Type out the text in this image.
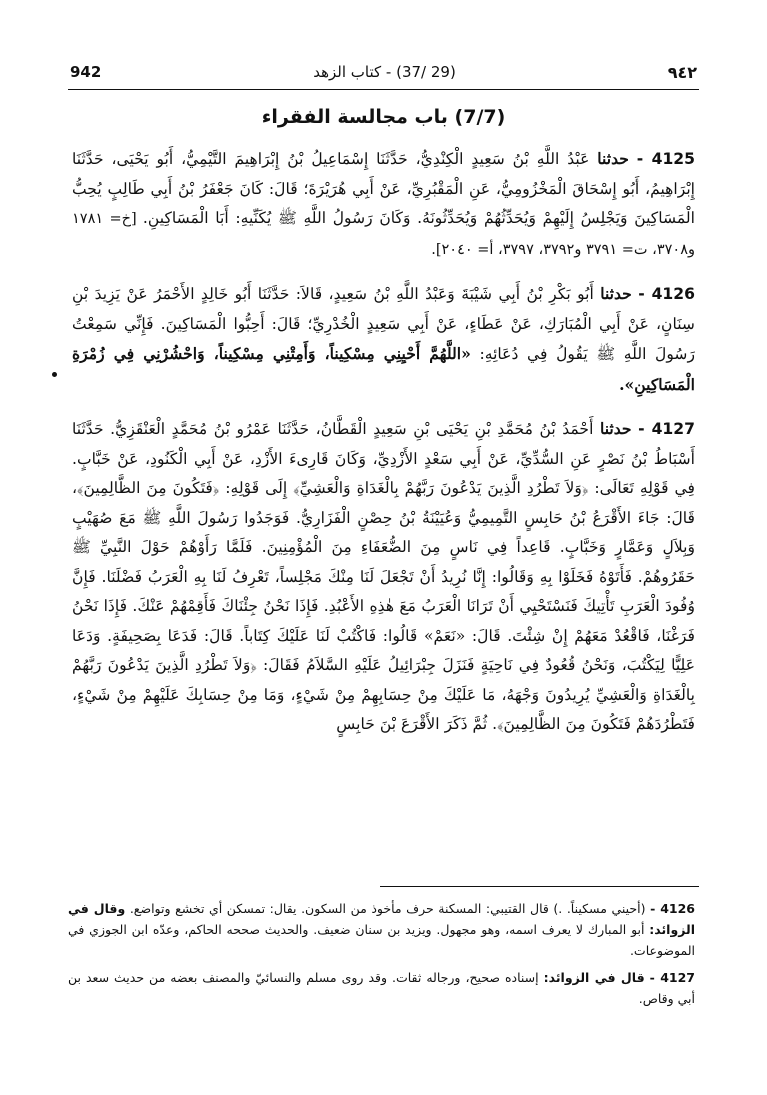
942	(29 /37) - كتاب الزهد	٩٤٢
(7/7) باب مجالسة الفقراء

4125 - حدثنا عَبْدُ اللَّهِ بْنُ سَعِيدٍ الْكِنْدِيُّ، حَدَّثَنَا إِسْمَاعِيلُ بْنُ إِبْرَاهِيمَ التَّيْمِيُّ، أَبُو يَحْيَى، حَدَّثَنَا إِبْرَاهِيمُ، أَبُو إِسْحَاقَ الْمَخْزُومِيُّ، عَنِ الْمَقْبُرِيِّ، عَنْ أَبِي هُرَيْرَةَ؛ قَالَ: كَانَ جَعْفَرُ بْنُ أَبِي طَالِبٍ يُحِبُّ الْمَسَاكِينَ وَيَجْلِسُ إِلَيْهِمْ وَيُحَدِّثُهُمْ وَيُحَدِّثُونَهُ. وَكَانَ رَسُولُ اللَّهِ ﷺ يُكَنِّيهِ: أَبَا الْمَسَاكِينِ. [خ= ١٧٨١ و٣٧٠٨، ت= ٣٧٩١ و٣٧٩٢، ٣٧٩٧، أ= ٢٠٤٠].

4126 - حدثنا أَبُو بَكْرِ بْنُ أَبِي شَيْبَةَ وَعَبْدُ اللَّهِ بْنُ سَعِيدٍ، قَالاَ: حَدَّثَنَا أَبُو خَالِدٍ الأَحْمَرُ عَنْ يَزِيدَ بْنِ سِنَانٍ، عَنْ أَبِي الْمُبَارَكِ، عَنْ عَطَاءٍ، عَنْ أَبِي سَعِيدٍ الْخُدْرِيِّ؛ قَالَ: أَحِبُّوا الْمَسَاكِينَ. فَإِنِّي سَمِعْتُ رَسُولَ اللَّهِ ﷺ يَقُولُ فِي دُعَائِهِ: «اللَّهُمَّ أَحْيِنِي مِسْكِيناً، وَأَمِتْنِي مِسْكِيناً، وَاحْشُرْنِي فِي زُمْرَةِ الْمَسَاكِينِ».

4127 - حدثنا أَحْمَدُ بْنُ مُحَمَّدِ بْنِ يَحْيَى بْنِ سَعِيدٍ الْقَطَّانُ، حَدَّثَنَا عَمْرُو بْنُ مُحَمَّدٍ الْعَنْقَزِيُّ. حَدَّثَنَا أَسْبَاطُ بْنُ نَصْرٍ عَنِ السُّدِّيِّ، عَنْ أَبِي سَعْدٍ الأَزْدِيِّ، وَكَانَ قَارِىءَ الأَزْدِ، عَنْ أَبِي الْكَنُودِ، عَنْ خَبَّابٍ. فِي قَوْلِهِ تَعَالَى: ﴿وَلاَ تَطْرُدِ الَّذِينَ يَدْعُونَ رَبَّهُمْ بِالْغَدَاةِ وَالْعَشِيِّ﴾ إِلَى قَوْلِهِ: ﴿فَتَكُونَ مِنَ الظَّالِمِينَ﴾، قَالَ: جَاءَ الأَقْرَعُ بْنُ حَابِسٍ التَّمِيمِيُّ وَعُيَيْنَةُ بْنُ حِصْنٍ الْفَزَارِيُّ. فَوَجَدُوا رَسُولَ اللَّهِ ﷺ مَعَ صُهَيْبٍ وَبِلاَلٍ وَعَمَّارٍ وَخَبَّابٍ. قَاعِداً فِي نَاسٍ مِنَ الضُّعَفَاءِ مِنَ الْمُؤْمِنِينَ. فَلَمَّا رَأَوْهُمْ حَوْلَ النَّبِيِّ ﷺ حَقَرُوهُمْ. فَأَتَوْهُ فَخَلَوْا بِهِ وَقَالُوا: إِنَّا نُرِيدُ أَنْ تَجْعَلَ لَنَا مِنْكَ مَجْلِساً، تَعْرِفُ لَنَا بِهِ الْعَرَبُ فَضْلَنَا. فَإِنَّ وُفُودَ الْعَرَبِ تَأْتِيكَ فَنَسْتَحْيِي أَنْ تَرَانَا الْعَرَبُ مَعَ هٰذِهِ الأَعْبُدِ. فَإِذَا نَحْنُ جِئْنَاكَ فَأَقِمْهُمْ عَنْكَ. فَإِذَا نَحْنُ فَرَغْنَا، فَاقْعُدْ مَعَهُمْ إِنْ شِئْتَ. قَالَ: «نَعَمْ» قَالُوا: فَاكْتُبْ لَنَا عَلَيْكَ كِتَاباً. قَالَ: فَدَعَا بِصَحِيفَةٍ. وَدَعَا عَلِيًّا لِيَكْتُبَ، وَنَحْنُ قُعُودٌ فِي نَاحِيَةٍ فَنَزَلَ جِبْرَائِيلُ عَلَيْهِ السَّلاَمُ فَقَالَ: ﴿وَلاَ تَطْرُدِ الَّذِينَ يَدْعُونَ رَبَّهُمْ بِالْغَدَاةِ وَالْعَشِيِّ يُرِيدُونَ وَجْهَهُ، مَا عَلَيْكَ مِنْ حِسَابِهِمْ مِنْ شَيْءٍ، وَمَا مِنْ حِسَابِكَ عَلَيْهِمْ مِنْ شَيْءٍ، فَتَطْرُدَهُمْ فَتَكُونَ مِنَ الظَّالِمِينَ﴾. ثُمَّ ذَكَرَ الأَقْرَعَ بْنَ حَابِسٍ

4126 - (أحيني مسكيناً. .) قال القتيبي: المسكنة حرف مأخوذ من السكون. يقال: تمسكن أي تخشع وتواضع. وقال في الزوائد: أبو المبارك لا يعرف اسمه، وهو مجهول. ويزيد بن سنان ضعيف. والحديث صححه الحاكم، وعدّه ابن الجوزي في الموضوعات.

4127 - قال في الزوائد: إسناده صحيح، ورجاله ثقات. وقد روى مسلم والنسائيّ والمصنف بعضه من حديث سعد بن أبي وقاص.
